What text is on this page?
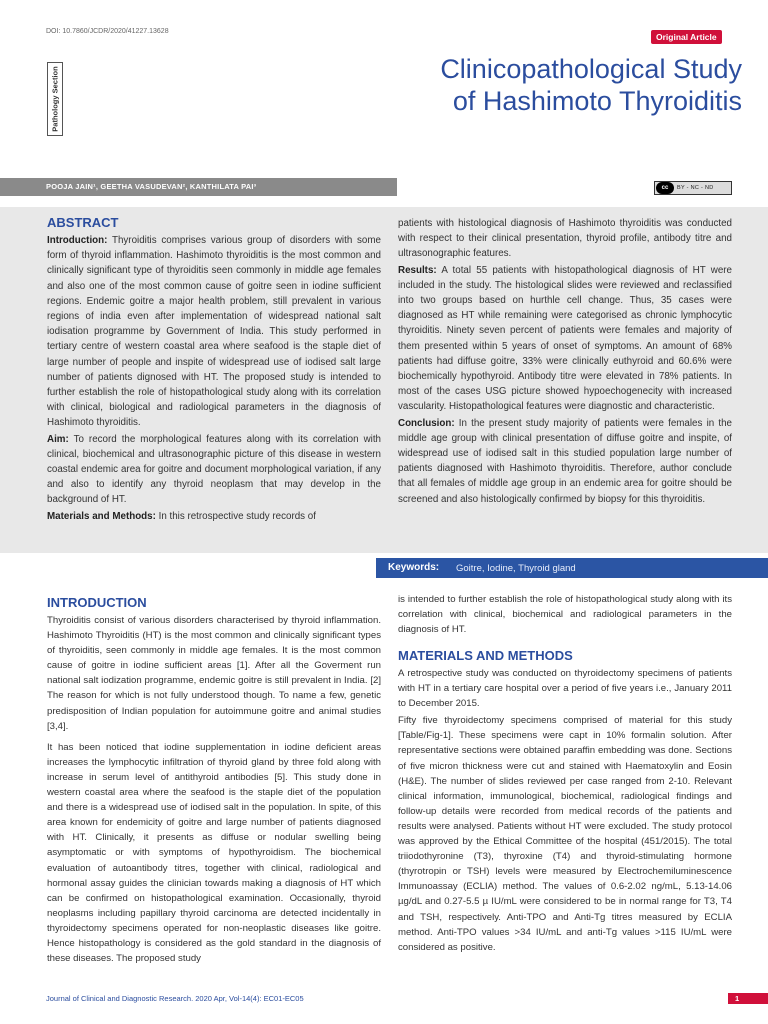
DOI: 10.7860/JCDR/2020/41227.13628
Original Article
Pathology Section	Clinicopathological Study
of Hashimoto Thyroiditis
POOJA JAIN¹, GEETHA VASUDEVAN², KANTHILATA PAI³	cc	BY - NC - ND
ABSTRACT

Introduction: Thyroiditis comprises various group of disorders with some form of thyroid inflammation. Hashimoto thyroiditis is the most common and clinically significant type of thyroiditis seen commonly in middle age females and also one of the most common cause of goitre seen in iodine sufficient regions. Endemic goitre a major health problem, still prevalent in various regions of india even after implementation of widespread national salt iodisation programme by Government of India. This study performed in tertiary centre of western coastal area where seafood is the staple diet of large number of people and inspite of widespread use of iodised salt large number of patients dignosed with HT. The proposed study is intended to further establish the role of histopathological study along with its correlation with clinical, biological and radiological parameters in the diagnosis of Hashimoto thyroiditis.

Aim: To record the morphological features along with its correlation with clinical, biochemical and ultrasonographic picture of this disease in western coastal endemic area for goitre and document morphological variation, if any and also to identify any thyroid neoplasm that may develop in the background of HT.

Materials and Methods: In this retrospective study records of

patients with histological diagnosis of Hashimoto thyroiditis was conducted with respect to their clinical presentation, thyroid profile, antibody titre and ultrasonographic features.

Results: A total 55 patients with histopathological diagnosis of HT were included in the study. The histological slides were reviewed and reclassified into two groups based on hurthle cell change. Thus, 35 cases were diagnosed as HT while remaining were categorised as chronic lymphocytic thyroiditis. Ninety seven percent of patients were females and majority of them presented within 5 years of onset of symptoms. An amount of 68% patients had diffuse goitre, 33% were clinically euthyroid and 60.6% were biochemically hypothyroid. Antibody titre were elevated in 78% patients. In most of the cases USG picture showed hypoechogenecity with increased vascularity. Histopathological features were diagnostic and characteristic.

Conclusion: In the present study majority of patients were females in the middle age group with clinical presentation of diffuse goitre and inspite, of widespread use of iodised salt in this studied population large number of patients diagnosed with Hashimoto thyroiditis. Therefore, author conclude that all females of middle age group in an endemic area for goitre should be screened and also histologically confirmed by biopsy for this thyroiditis.

Keywords: Goitre, Iodine, Thyroid gland
INTRODUCTION

Thyroiditis consist of various disorders characterised by thyroid inflammation. Hashimoto Thyroiditis (HT) is the most common and clinically significant types of thyroiditis, seen commonly in middle age females. It is the most common cause of goitre in iodine sufficient areas [1]. After all the Goverment run national salt iodization programme, endemic goitre is still prevalent in India. [2] The reason for which is not fully understood though. To name a few, genetic predisposition of Indian population for autoimmune goitre and animal studies [3,4].

It has been noticed that iodine supplementation in iodine deficient areas increases the lymphocytic infiltration of thyroid gland by three fold along with increase in serum level of antithyroid antibodies [5]. This study done in western coastal area where the seafood is the staple diet of the population and there is a widespread use of iodised salt in the population. In spite, of this area known for endemicity of goitre and large number of patients diagnosed with HT. Clinically, it presents as diffuse or nodular swelling being asymptomatic or with symptoms of hypothyroidism. The biochemical evaluation of autoantibody titres, together with clinical, radiological and hormonal assay guides the clinician towards making a diagnosis of HT which can be confirmed on histopathological examination. Occasionally, thyroid neoplasms including papillary thyroid carcinoma are detected incidentally in thyroidectomy specimens operated for non-neoplastic diseases like goitre. Hence histopathology is considered as the gold standard in the diagnosis of these diseases. The proposed study

is intended to further establish the role of histopathological study along with its correlation with clinical, biochemical and radiological parameters in the diagnosis of HT.
MATERIALS AND METHODS

A retrospective study was conducted on thyroidectomy specimens of patients with HT in a tertiary care hospital over a period of five years i.e., January 2011 to December 2015.

Fifty five thyroidectomy specimens comprised of material for this study [Table/Fig-1]. These specimens were capt in 10% formalin solution. After representative sections were obtained paraffin embedding was done. Sections of five micron thickness were cut and stained with Haematoxylin and Eosin (H&E). The number of slides reviewed per case ranged from 2-10. Relevant clinical information, immunological, biochemical, radiological findings and follow-up details were recorded from medical records of the patients and results were analysed. Patients without HT were excluded. The study protocol was approved by the Ethical Committee of the hospital (451/2015). The total triiodothyronine (T3), thyroxine (T4) and thyroid-stimulating hormone (thyrotropin or TSH) levels were measured by Electrochemiluminescence Immunoassay (ECLIA) method. The values of 0.6-2.02 ng/mL, 5.13-14.06 µg/dL and 0.27-5.5 µ IU/mL were considered to be in normal range for T3, T4 and TSH, respectively. Anti-TPO and Anti-Tg titres measured by ECLIA method. Anti-TPO values >34 IU/mL and anti-Tg values >115 IU/mL were considered as positive.

Journal of Clinical and Diagnostic Research. 2020 Apr, Vol-14(4): EC01-EC05	1
